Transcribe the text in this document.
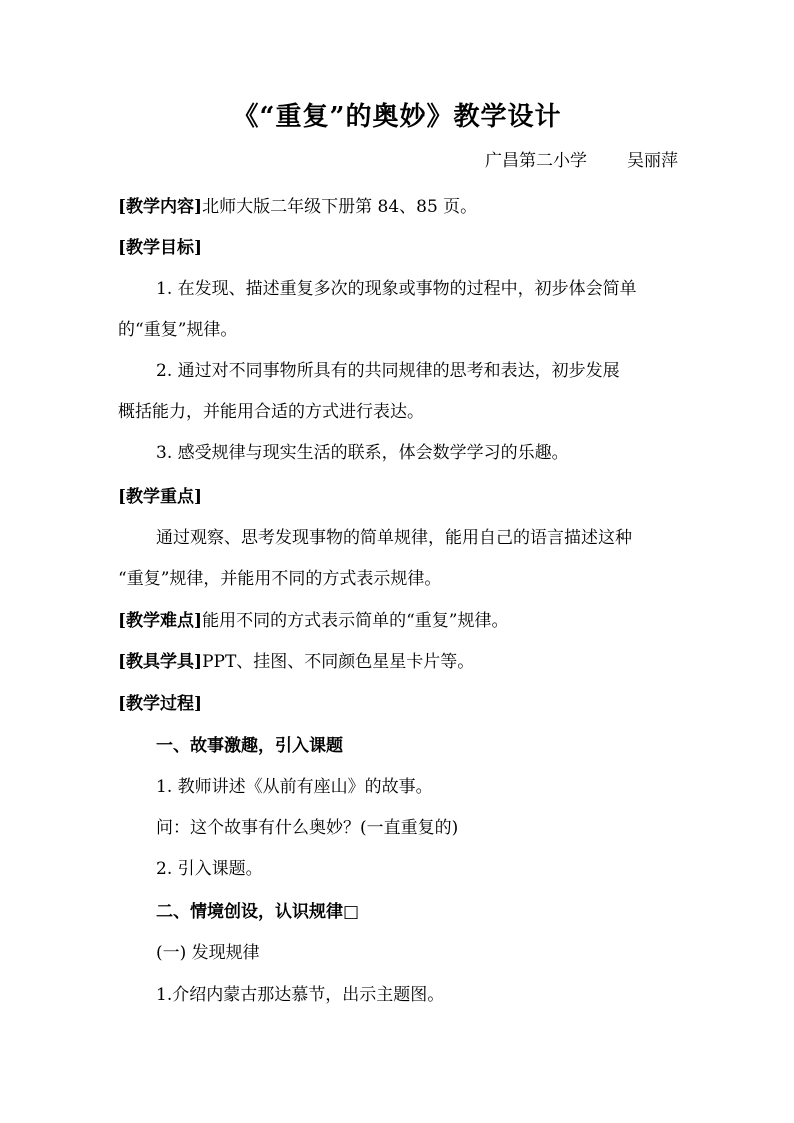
《“重复”的奥妙》教学设计
广昌第二小学 吴丽萍
[教学内容]北师大版二年级下册第 84、85 页。
[教学目标]
1. 在发现、描述重复多次的现象或事物的过程中，初步体会简单
的“重复”规律。
2. 通过对不同事物所具有的共同规律的思考和表达，初步发展
概括能力，并能用合适的方式进行表达。
3. 感受规律与现实生活的联系，体会数学学习的乐趣。
[教学重点]
通过观察、思考发现事物的简单规律，能用自己的语言描述这种
“重复”规律，并能用不同的方式表示规律。
[教学难点]能用不同的方式表示简单的“重复”规律。
[教具学具]PPT、挂图、不同颜色星星卡片等。
[教学过程]
一、故事激趣，引入课题
1. 教师讲述《从前有座山》的故事。
问：这个故事有什么奥妙？(一直重复的)
2. 引入课题。
二、情境创设，认识规律□
(一) 发现规律
1.介绍内蒙古那达慕节，出示主题图。
